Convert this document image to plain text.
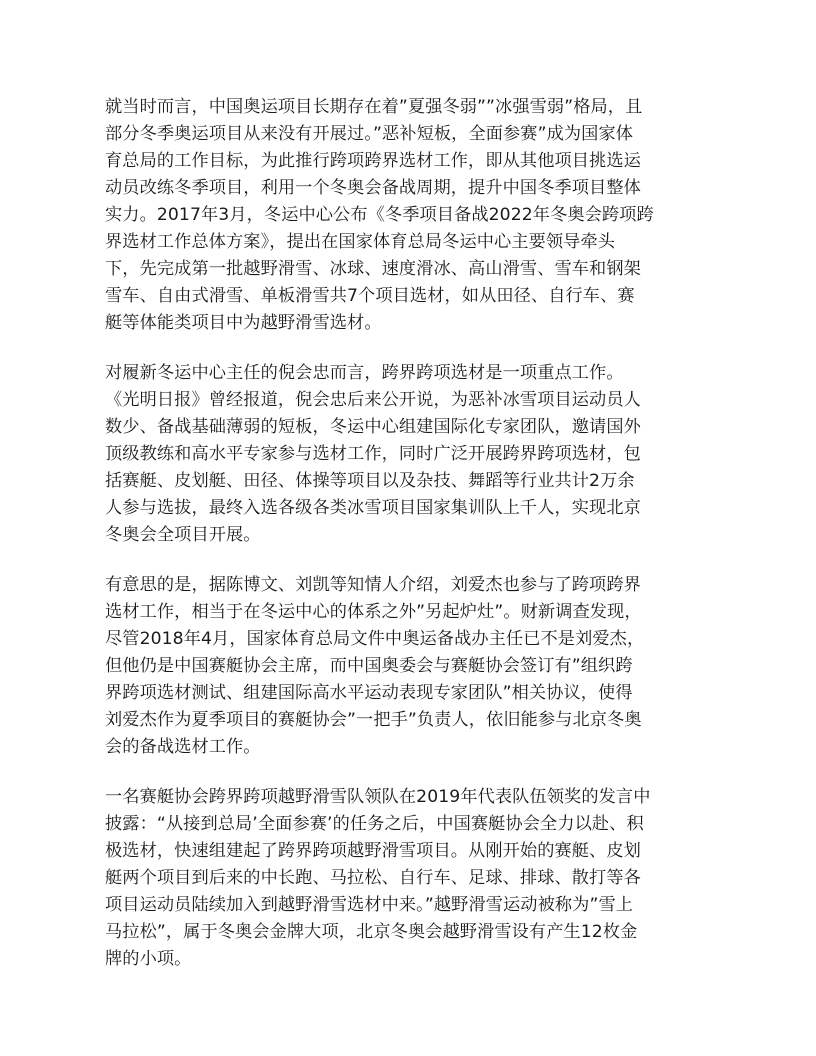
就当时而言，中国奥运项目长期存在着”夏强冬弱””冰强雪弱”格局，且
部分冬季奥运项目从来没有开展过。”恶补短板，全面参赛”成为国家体
育总局的工作目标，为此推行跨项跨界选材工作，即从其他项目挑选运
动员改练冬季项目，利用一个冬奥会备战周期，提升中国冬季项目整体
实力。2017年3月，冬运中心公布《冬季项目备战2022年冬奥会跨项跨
界选材工作总体方案》，提出在国家体育总局冬运中心主要领导牵头
下，先完成第一批越野滑雪、冰球、速度滑冰、高山滑雪、雪车和钢架
雪车、自由式滑雪、单板滑雪共7个项目选材，如从田径、自行车、赛
艇等体能类项目中为越野滑雪选材。

对履新冬运中心主任的倪会忠而言，跨界跨项选材是一项重点工作。
《光明日报》曾经报道，倪会忠后来公开说，为恶补冰雪项目运动员人
数少、备战基础薄弱的短板，冬运中心组建国际化专家团队，邀请国外
顶级教练和高水平专家参与选材工作，同时广泛开展跨界跨项选材，包
括赛艇、皮划艇、田径、体操等项目以及杂技、舞蹈等行业共计2万余
人参与选拔，最终入选各级各类冰雪项目国家集训队上千人，实现北京
冬奥会全项目开展。

有意思的是，据陈博文、刘凯等知情人介绍，刘爱杰也参与了跨项跨界
选材工作，相当于在冬运中心的体系之外”另起炉灶”。财新调查发现，
尽管2018年4月，国家体育总局文件中奥运备战办主任已不是刘爱杰，
但他仍是中国赛艇协会主席，而中国奥委会与赛艇协会签订有”组织跨
界跨项选材测试、组建国际高水平运动表现专家团队”相关协议，使得
刘爱杰作为夏季项目的赛艇协会”一把手”负责人，依旧能参与北京冬奥
会的备战选材工作。

一名赛艇协会跨界跨项越野滑雪队领队在2019年代表队伍领奖的发言中
披露：“从接到总局’全面参赛’的任务之后，中国赛艇协会全力以赴、积
极选材，快速组建起了跨界跨项越野滑雪项目。从刚开始的赛艇、皮划
艇两个项目到后来的中长跑、马拉松、自行车、足球、排球、散打等各
项目运动员陆续加入到越野滑雪选材中来。”越野滑雪运动被称为”雪上
马拉松”，属于冬奥会金牌大项，北京冬奥会越野滑雪设有产生12枚金
牌的小项。
